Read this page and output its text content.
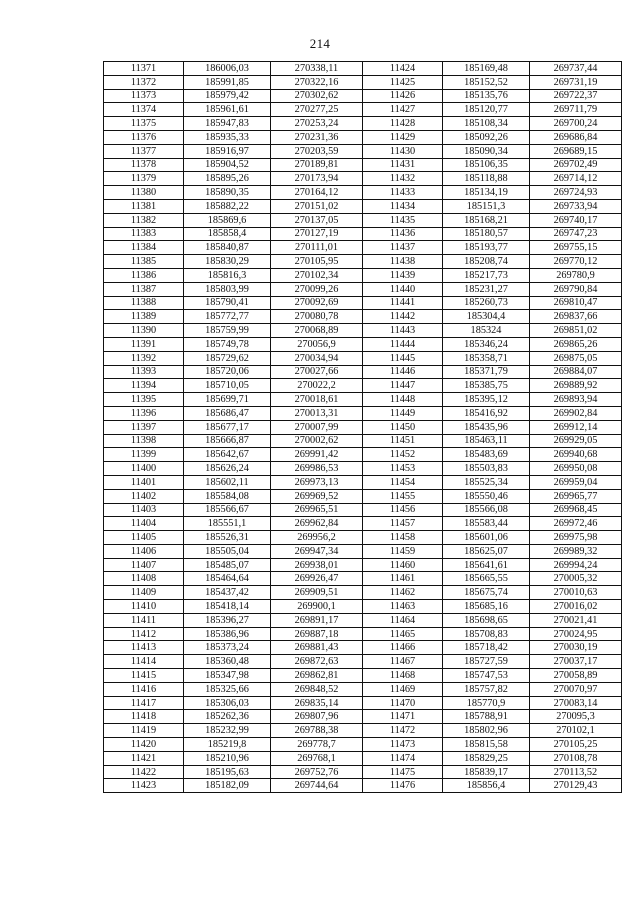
214
11371	186006,03	270338,11	11424	185169,48	269737,44
11372	185991,85	270322,16	11425	185152,52	269731,19
11373	185979,42	270302,62	11426	185135,76	269722,37
11374	185961,61	270277,25	11427	185120,77	269711,79
11375	185947,83	270253,24	11428	185108,34	269700,24
11376	185935,33	270231,36	11429	185092,26	269686,84
11377	185916,97	270203,59	11430	185090,34	269689,15
11378	185904,52	270189,81	11431	185106,35	269702,49
11379	185895,26	270173,94	11432	185118,88	269714,12
11380	185890,35	270164,12	11433	185134,19	269724,93
11381	185882,22	270151,02	11434	185151,3	269733,94
11382	185869,6	270137,05	11435	185168,21	269740,17
11383	185858,4	270127,19	11436	185180,57	269747,23
11384	185840,87	270111,01	11437	185193,77	269755,15
11385	185830,29	270105,95	11438	185208,74	269770,12
11386	185816,3	270102,34	11439	185217,73	269780,9
11387	185803,99	270099,26	11440	185231,27	269790,84
11388	185790,41	270092,69	11441	185260,73	269810,47
11389	185772,77	270080,78	11442	185304,4	269837,66
11390	185759,99	270068,89	11443	185324	269851,02
11391	185749,78	270056,9	11444	185346,24	269865,26
11392	185729,62	270034,94	11445	185358,71	269875,05
11393	185720,06	270027,66	11446	185371,79	269884,07
11394	185710,05	270022,2	11447	185385,75	269889,92
11395	185699,71	270018,61	11448	185395,12	269893,94
11396	185686,47	270013,31	11449	185416,92	269902,84
11397	185677,17	270007,99	11450	185435,96	269912,14
11398	185666,87	270002,62	11451	185463,11	269929,05
11399	185642,67	269991,42	11452	185483,69	269940,68
11400	185626,24	269986,53	11453	185503,83	269950,08
11401	185602,11	269973,13	11454	185525,34	269959,04
11402	185584,08	269969,52	11455	185550,46	269965,77
11403	185566,67	269965,51	11456	185566,08	269968,45
11404	185551,1	269962,84	11457	185583,44	269972,46
11405	185526,31	269956,2	11458	185601,06	269975,98
11406	185505,04	269947,34	11459	185625,07	269989,32
11407	185485,07	269938,01	11460	185641,61	269994,24
11408	185464,64	269926,47	11461	185665,55	270005,32
11409	185437,42	269909,51	11462	185675,74	270010,63
11410	185418,14	269900,1	11463	185685,16	270016,02
11411	185396,27	269891,17	11464	185698,65	270021,41
11412	185386,96	269887,18	11465	185708,83	270024,95
11413	185373,24	269881,43	11466	185718,42	270030,19
11414	185360,48	269872,63	11467	185727,59	270037,17
11415	185347,98	269862,81	11468	185747,53	270058,89
11416	185325,66	269848,52	11469	185757,82	270070,97
11417	185306,03	269835,14	11470	185770,9	270083,14
11418	185262,36	269807,96	11471	185788,91	270095,3
11419	185232,99	269788,38	11472	185802,96	270102,1
11420	185219,8	269778,7	11473	185815,58	270105,25
11421	185210,96	269768,1	11474	185829,25	270108,78
11422	185195,63	269752,76	11475	185839,17	270113,52
11423	185182,09	269744,64	11476	185856,4	270129,43
